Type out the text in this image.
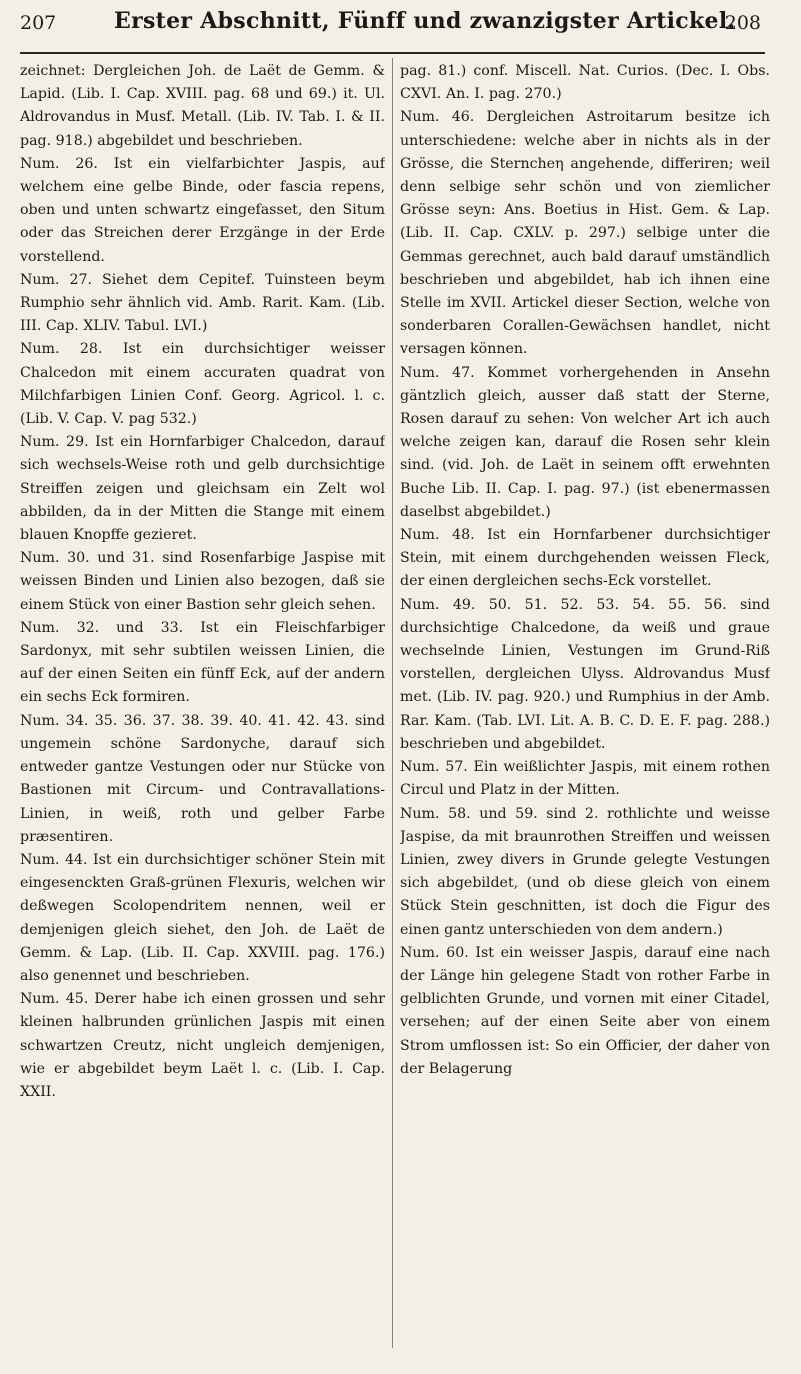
207	Erster Abschnitt, Fünff und zwanzigster Artickel.
208

zeichnet: Dergleichen Joh. de Laët de Gemm. & Lapid. (Lib. I. Cap. XVIII. pag. 68 und 69.) it. Ul. Aldrovandus in Musf. Metall. (Lib. IV. Tab. I. & II. pag. 918.) abgebildet und beschrieben.

Num. 26. Ist ein vielfarbichter Jaspis, auf welchem eine gelbe Binde, oder fascia repens, oben und unten schwartz eingefasset, den Situm oder das Streichen derer Erzgänge in der Erde vorstellend.

Num. 27. Siehet dem Cepitef. Tuinsteen beym Rumphio sehr ähnlich vid. Amb. Rarit. Kam. (Lib. III. Cap. XLIV. Tabul. LVI.)

Num. 28. Ist ein durchsichtiger weisser Chalcedon mit einem accuraten quadrat von Milchfarbigen Linien Conf. Georg. Agricol. l. c. (Lib. V. Cap. V. pag 532.)

Num. 29. Ist ein Hornfarbiger Chalcedon, darauf sich wechsels-Weise roth und gelb durchsichtige Streiffen zeigen und gleichsam ein Zelt wol abbilden, da in der Mitten die Stange mit einem blauen Knopffe gezieret.

Num. 30. und 31. sind Rosenfarbige Jaspise mit weissen Binden und Linien also bezogen, daß sie einem Stück von einer Bastion sehr gleich sehen.

Num. 32. und 33. Ist ein Fleischfarbiger Sardonyx, mit sehr subtilen weissen Linien, die auf der einen Seiten ein fünff Eck, auf der andern ein sechs Eck formiren.

Num. 34. 35. 36. 37. 38. 39. 40. 41. 42. 43. sind ungemein schöne Sardonyche, darauf sich entweder gantze Vestungen oder nur Stücke von Bastionen mit Circum- und Contravallations-Linien, in weiß, roth und gelber Farbe præsentiren.

Num. 44. Ist ein durchsichtiger schöner Stein mit eingesenckten Graß-grünen Flexuris, welchen wir deßwegen Scolopendritem nennen, weil er demjenigen gleich siehet, den Joh. de Laët de Gemm. & Lap. (Lib. II. Cap. XXVIII. pag. 176.) also genennet und beschrieben.

Num. 45. Derer habe ich einen grossen und sehr kleinen halbrunden grünlichen Jaspis mit einen schwartzen Creutz, nicht ungleich demjenigen, wie er abgebildet beym Laët l. c. (Lib. I. Cap. XXII.

pag. 81.) conf. Miscell. Nat. Curios. (Dec. I. Obs. CXVI. An. I. pag. 270.)

Num. 46. Dergleichen Astroitarum besitze ich unterschiedene: welche aber in nichts als in der Grösse, die Sterncheη angehende, differiren; weil denn selbige sehr schön und von ziemlicher Grösse seyn: Ans. Boetius in Hist. Gem. & Lap. (Lib. II. Cap. CXLV. p. 297.) selbige unter die Gemmas gerechnet, auch bald darauf umständlich beschrieben und abgebildet, hab ich ihnen eine Stelle im XVII. Artickel dieser Section, welche von sonderbaren Corallen-Gewächsen handlet, nicht versagen können.

Num. 47. Kommet vorhergehenden in Ansehn gäntzlich gleich, ausser daß statt der Sterne, Rosen darauf zu sehen: Von welcher Art ich auch welche zeigen kan, darauf die Rosen sehr klein sind. (vid. Joh. de Laët in seinem offt erwehnten Buche Lib. II. Cap. I. pag. 97.) (ist ebenermassen daselbst abgebildet.)

Num. 48. Ist ein Hornfarbener durchsichtiger Stein, mit einem durchgehenden weissen Fleck, der einen dergleichen sechs-Eck vorstellet.

Num. 49. 50. 51. 52. 53. 54. 55. 56. sind durchsichtige Chalcedone, da weiß und graue wechselnde Linien, Vestungen im Grund-Riß vorstellen, dergleichen Ulyss. Aldrovandus Musf met. (Lib. IV. pag. 920.) und Rumphius in der Amb. Rar. Kam. (Tab. LVI. Lit. A. B. C. D. E. F. pag. 288.) beschrieben und abgebildet.

Num. 57. Ein weißlichter Jaspis, mit einem rothen Circul und Platz in der Mitten.

Num. 58. und 59. sind 2. rothlichte und weisse Jaspise, da mit braunrothen Streiffen und weissen Linien, zwey divers in Grunde gelegte Vestungen sich abgebildet, (und ob diese gleich von einem Stück Stein geschnitten, ist doch die Figur des einen gantz unterschieden von dem andern.)

Num. 60. Ist ein weisser Jaspis, darauf eine nach der Länge hin gelegene Stadt von rother Farbe in gelblichten Grunde, und vornen mit einer Citadel, versehen; auf der einen Seite aber von einem Strom umflossen ist: So ein Officier, der daher von der Belagerung
